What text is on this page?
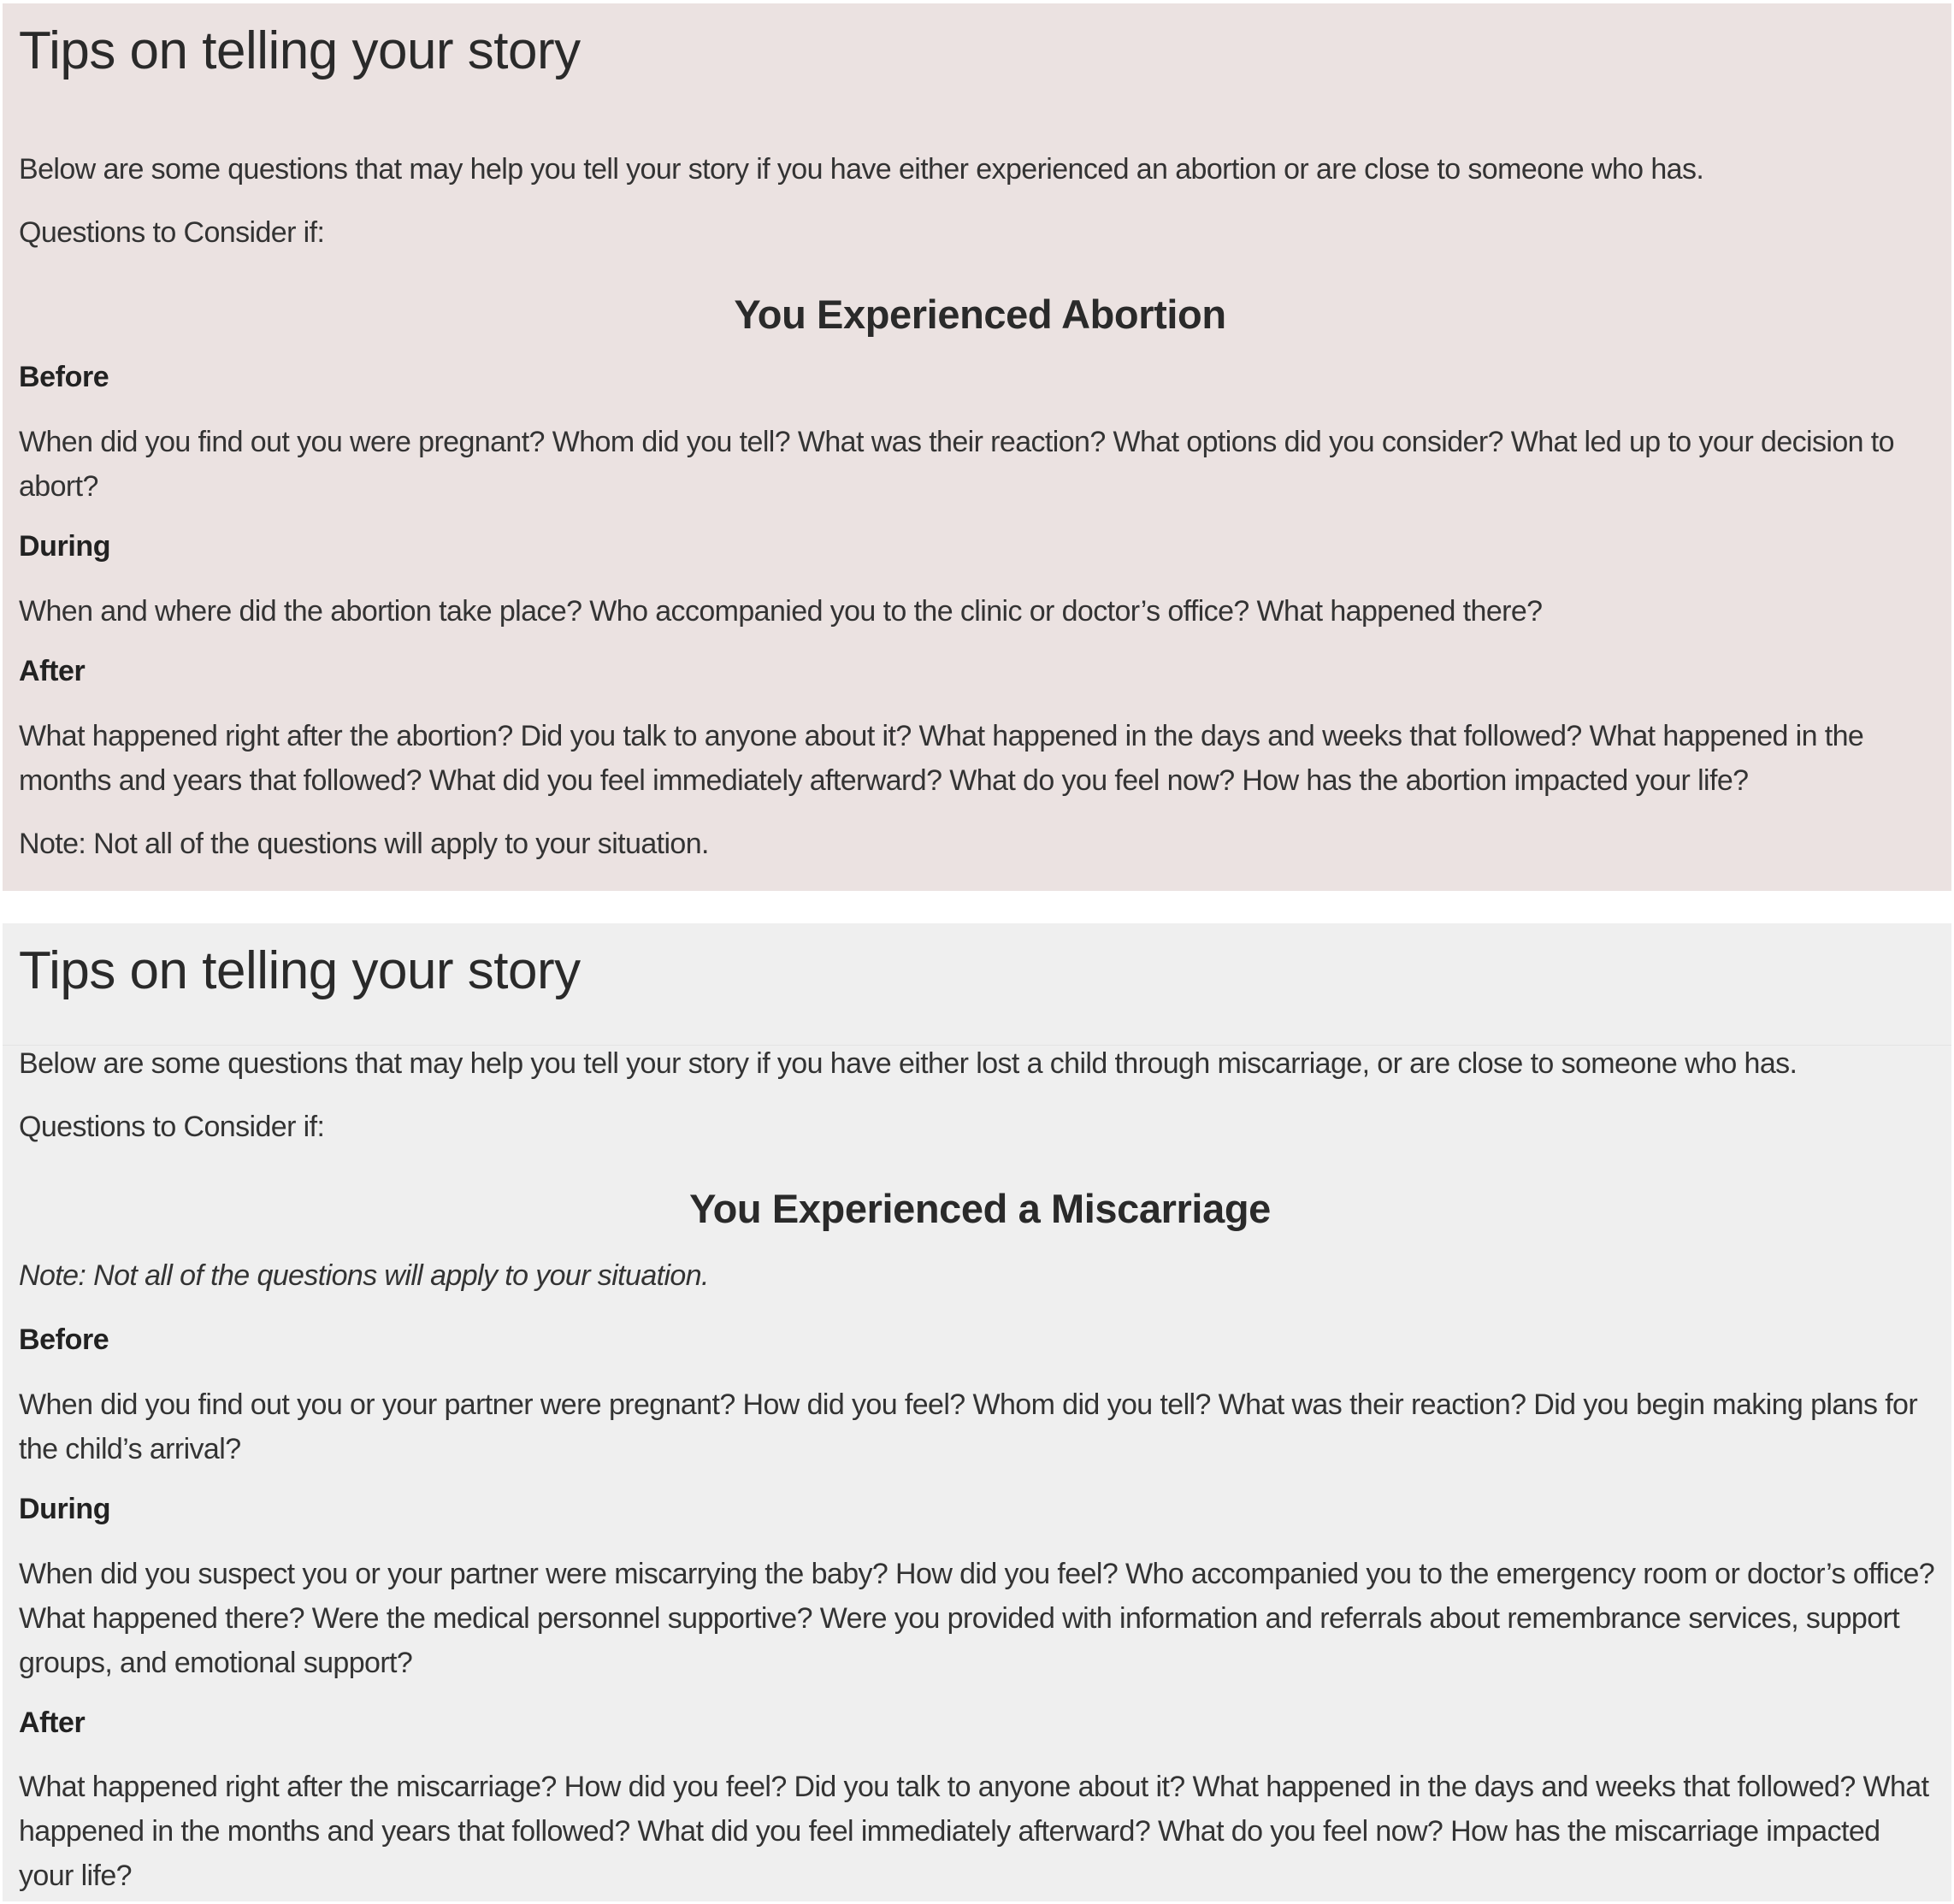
Tips on telling your story

Below are some questions that may help you tell your story if you have either experienced an abortion or are close to someone who has.

Questions to Consider if:

You Experienced Abortion

Before

When did you find out you were pregnant? Whom did you tell? What was their reaction? What options did you consider? What led up to your decision to abort?

During

When and where did the abortion take place? Who accompanied you to the clinic or doctor’s office? What happened there?

After

What happened right after the abortion? Did you talk to anyone about it? What happened in the days and weeks that followed? What happened in the months and years that followed? What did you feel immediately afterward? What do you feel now? How has the abortion impacted your life?

Note: Not all of the questions will apply to your situation.

Tips on telling your story

Below are some questions that may help you tell your story if you have either lost a child through miscarriage, or are close to someone who has.

Questions to Consider if:

You Experienced a Miscarriage

Note: Not all of the questions will apply to your situation.

Before

When did you find out you or your partner were pregnant? How did you feel? Whom did you tell? What was their reaction? Did you begin making plans for the child’s arrival?

During

When did you suspect you or your partner were miscarrying the baby? How did you feel? Who accompanied you to the emergency room or doctor’s office? What happened there? Were the medical personnel supportive? Were you provided with information and referrals about remembrance services, support groups, and emotional support?

After

What happened right after the miscarriage? How did you feel? Did you talk to anyone about it? What happened in the days and weeks that followed? What happened in the months and years that followed? What did you feel immediately afterward? What do you feel now? How has the miscarriage impacted your life?
